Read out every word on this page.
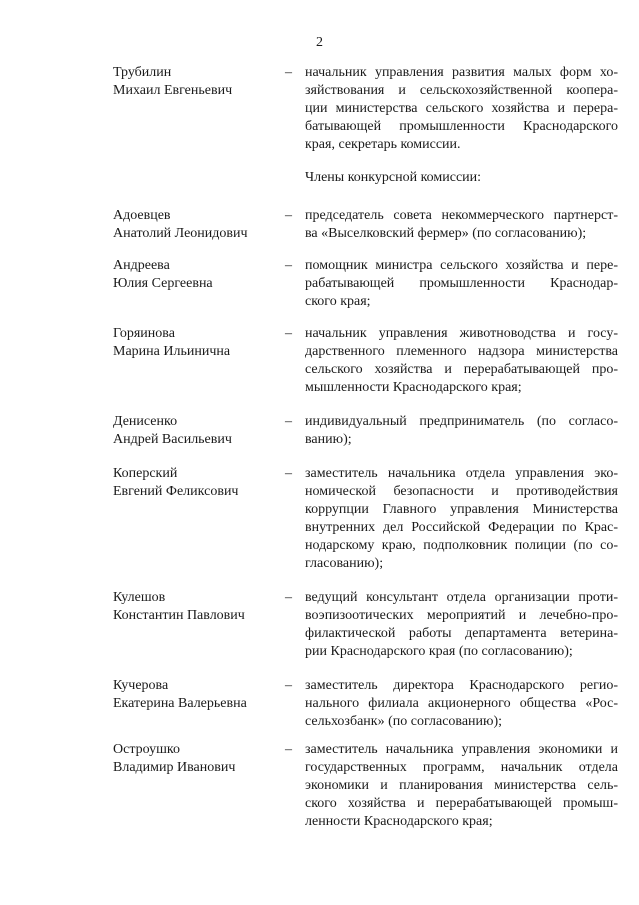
2
Трубилин
Михаил Евгеньевич
– начальник управления развития малых форм хо-
зяйствования и сельскохозяйственной коопера-
ции министерства сельского хозяйства и перера-
батывающей промышленности Краснодарского
края, секретарь комиссии.
Члены конкурсной комиссии:
Адоевцев
Анатолий Леонидович
– председатель совета некоммерческого партнерст-
ва «Выселковский фермер» (по согласованию);
Андреева
Юлия Сергеевна
– помощник министра сельского хозяйства и пере-
рабатывающей промышленности Краснодар-
ского края;
Горяинова
Марина Ильинична
– начальник управления животноводства и госу-
дарственного племенного надзора министерства
сельского хозяйства и перерабатывающей про-
мышленности Краснодарского края;
Денисенко
Андрей Васильевич
– индивидуальный предприниматель (по согласо-
ванию);
Коперский
Евгений Феликсович
– заместитель начальника отдела управления эко-
номической безопасности и противодействия
коррупции Главного управления Министерства
внутренних дел Российской Федерации по Крас-
нодарскому краю, подполковник полиции (по со-
гласованию);
Кулешов
Константин Павлович
– ведущий консультант отдела организации проти-
воэпизоотических мероприятий и лечебно-про-
филактической работы департамента ветерина-
рии Краснодарского края (по согласованию);
Кучерова
Екатерина Валерьевна
– заместитель директора Краснодарского регио-
нального филиала акционерного общества «Рос-
сельхозбанк» (по согласованию);
Остроушко
Владимир Иванович
– заместитель начальника управления экономики и
государственных программ, начальник отдела
экономики и планирования министерства сель-
ского хозяйства и перерабатывающей промыш-
ленности Краснодарского края;
